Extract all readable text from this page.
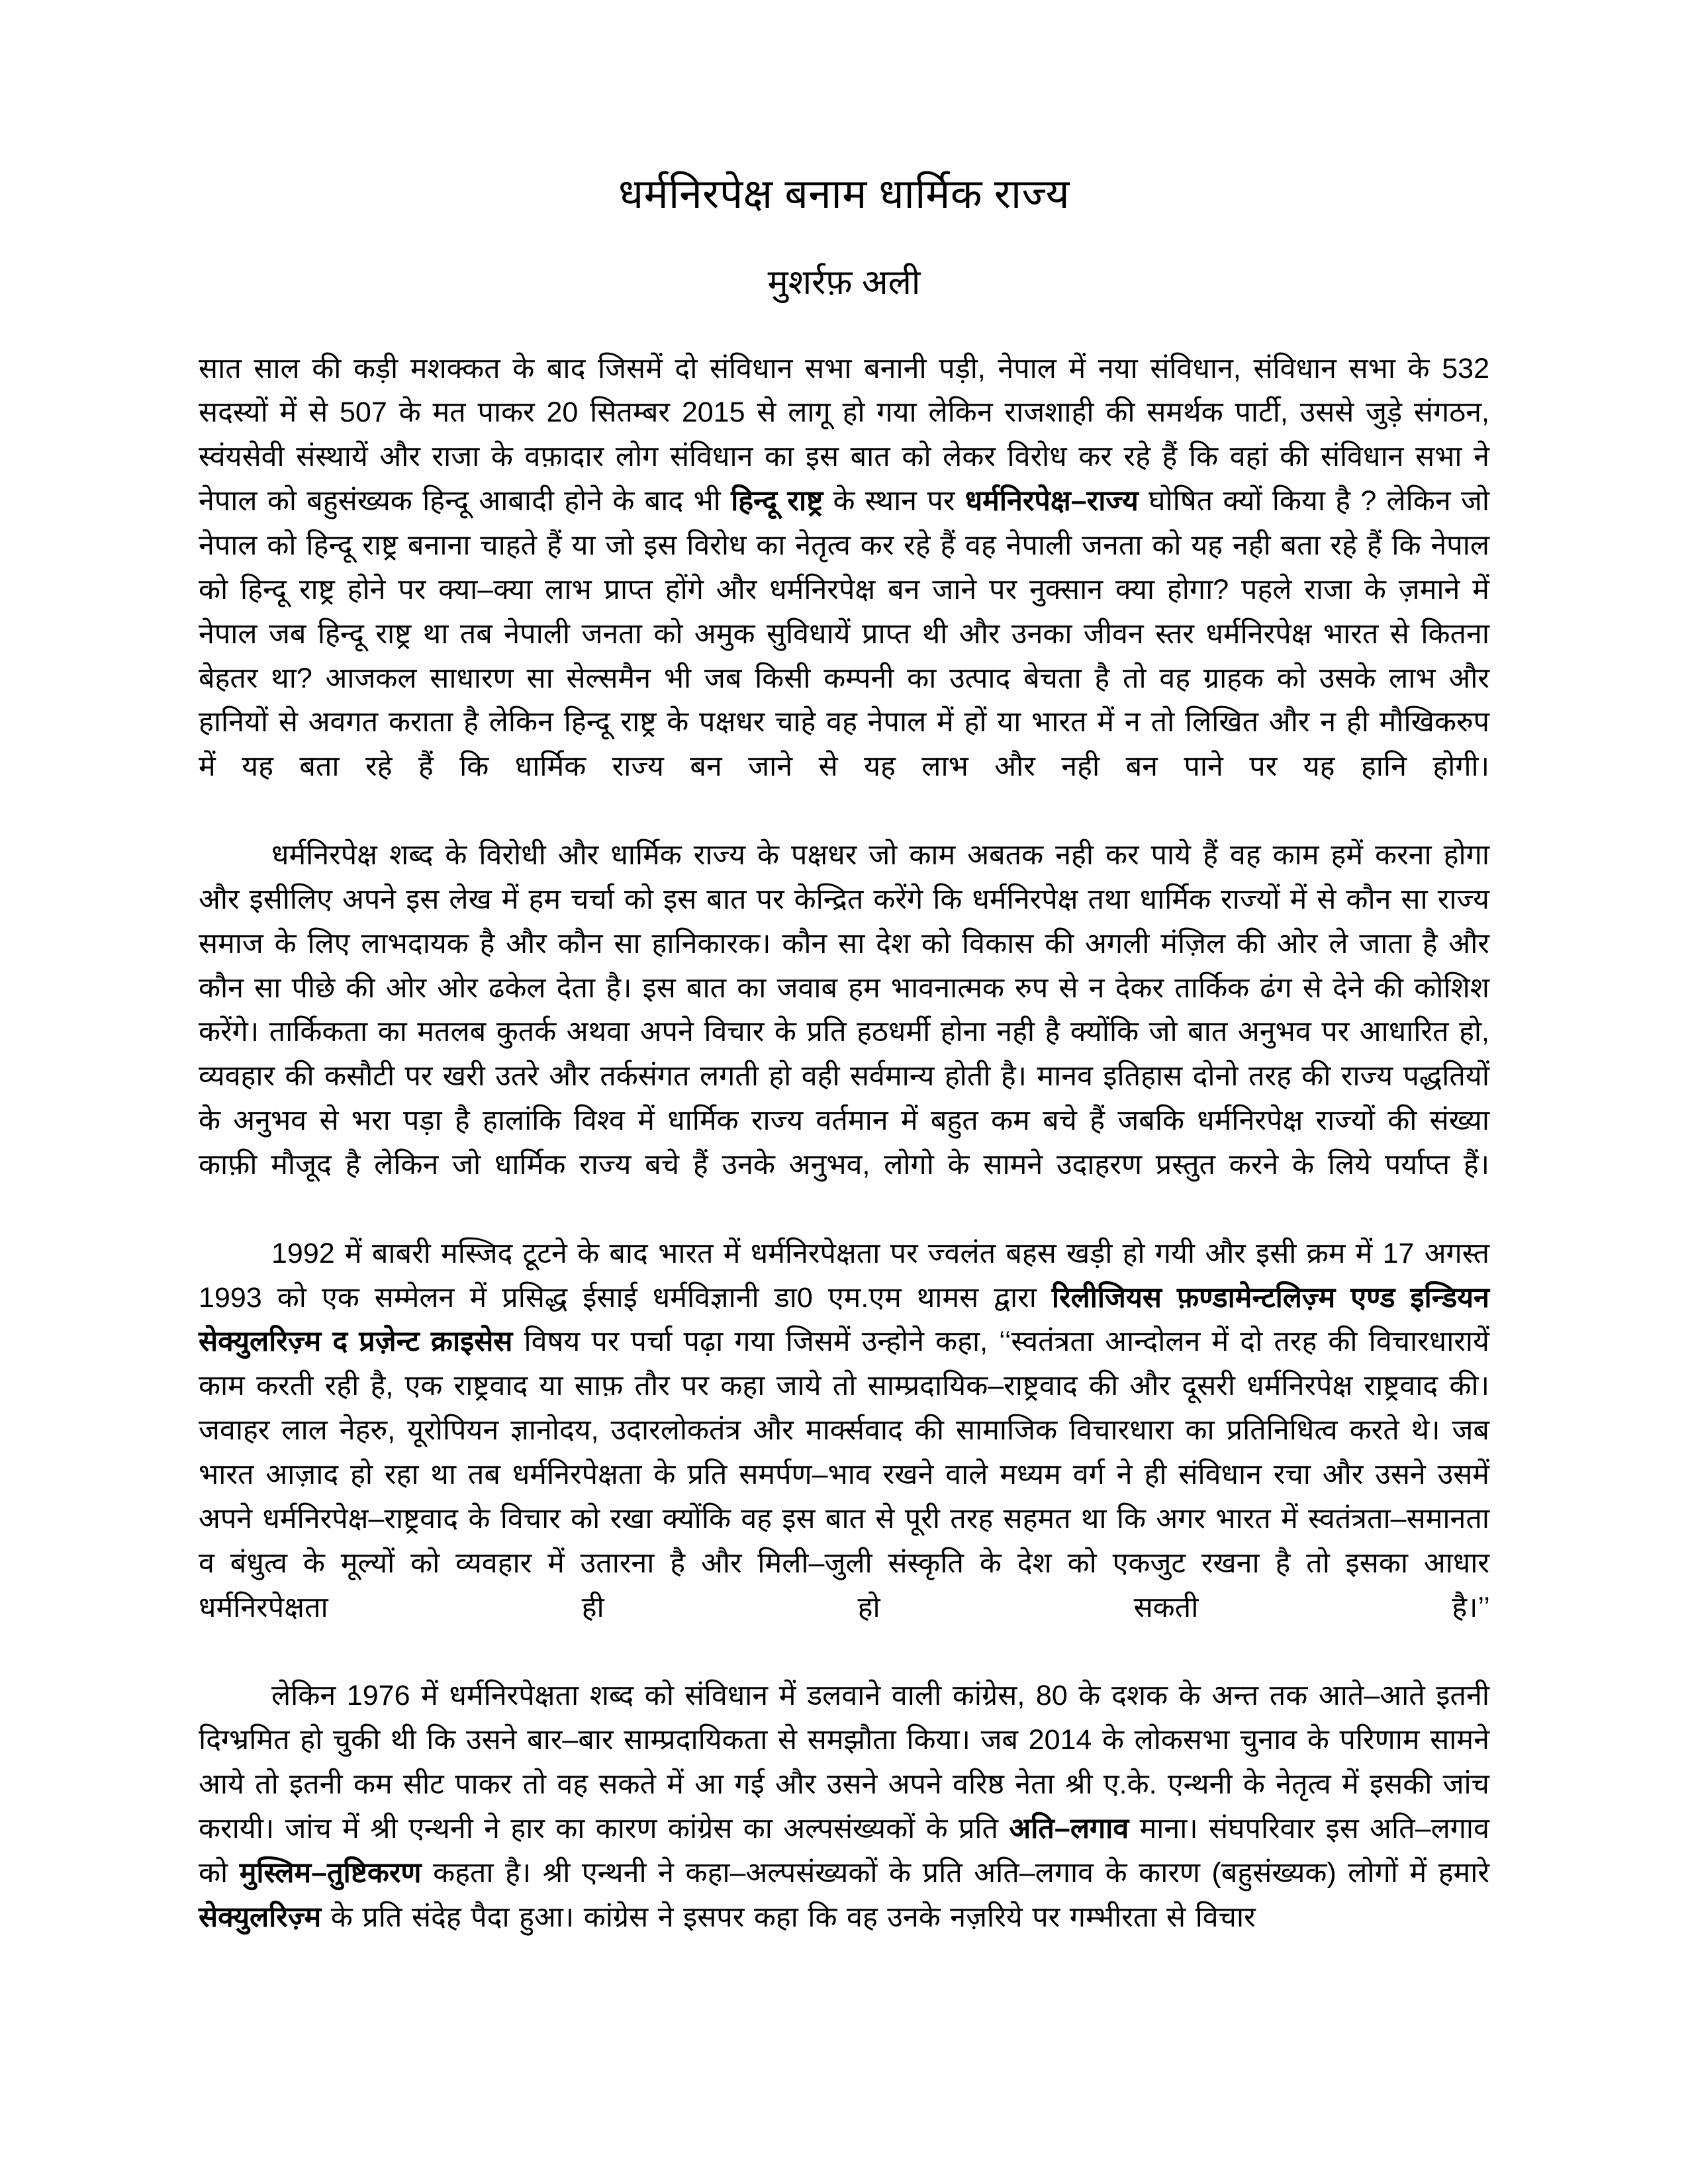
धर्मनिरपेक्ष बनाम धार्मिक राज्य
मुशर्रफ़ अली

सात साल की कड़ी मशक्कत के बाद जिसमें दो संविधान सभा बनानी पड़ी, नेपाल में नया संविधान, संविधान सभा के 532 सदस्यों में से 507 के मत पाकर 20 सितम्बर 2015 से लागू हो गया लेकिन राजशाही की समर्थक पार्टी, उससे जुड़े संगठन, स्वंयसेवी संस्थायें और राजा के वफ़ादार लोग संविधान का इस बात को लेकर विरोध कर रहे हैं कि वहां की संविधान सभा ने नेपाल को बहुसंख्यक हिन्दू आबादी होने के बाद भी हिन्दू राष्ट्र के स्थान पर धर्मनिरपेक्ष–राज्य घोषित क्यों किया है ? लेकिन जो नेपाल को हिन्दू राष्ट्र बनाना चाहते हैं या जो इस विरोध का नेतृत्व कर रहे हैं वह नेपाली जनता को यह नही बता रहे हैं कि नेपाल को हिन्दू राष्ट्र होने पर क्या–क्या लाभ प्राप्त होंगे और धर्मनिरपेक्ष बन जाने पर नुक्सान क्या होगा? पहले राजा के ज़माने में नेपाल जब हिन्दू राष्ट्र था तब नेपाली जनता को अमुक सुविधायें प्राप्त थी और उनका जीवन स्तर धर्मनिरपेक्ष भारत से कितना बेहतर था? आजकल साधारण सा सेल्समैन भी जब किसी कम्पनी का उत्पाद बेचता है तो वह ग्राहक को उसके लाभ और हानियों से अवगत कराता है लेकिन हिन्दू राष्ट्र के पक्षधर चाहे वह नेपाल में हों या भारत में न तो लिखित और न ही मौखिकरुप में यह बता रहे हैं कि धार्मिक राज्य बन जाने से यह लाभ और नही बन पाने पर यह हानि होगी।

धर्मनिरपेक्ष शब्द के विरोधी और धार्मिक राज्य के पक्षधर जो काम अबतक नही कर पाये हैं वह काम हमें करना होगा और इसीलिए अपने इस लेख में हम चर्चा को इस बात पर केन्द्रित करेंगे कि धर्मनिरपेक्ष तथा धार्मिक राज्यों में से कौन सा राज्य समाज के लिए लाभदायक है और कौन सा हानिकारक। कौन सा देश को विकास की अगली मंज़िल की ओर ले जाता है और कौन सा पीछे की ओर ओर ढकेल देता है। इस बात का जवाब हम भावनात्मक रुप से न देकर तार्किक ढंग से देने की कोशिश करेंगे। तार्किकता का मतलब कुतर्क अथवा अपने विचार के प्रति हठधर्मी होना नही है क्योंकि जो बात अनुभव पर आधारित हो, व्यवहार की कसौटी पर खरी उतरे और तर्कसंगत लगती हो वही सर्वमान्य होती है। मानव इतिहास दोनो तरह की राज्य पद्धतियों के अनुभव से भरा पड़ा है हालांकि विश्व में धार्मिक राज्य वर्तमान में बहुत कम बचे हैं जबकि धर्मनिरपेक्ष राज्यों की संख्या काफ़ी मौजूद है लेकिन जो धार्मिक राज्य बचे हैं उनके अनुभव, लोगो के सामने उदाहरण प्रस्तुत करने के लिये पर्याप्त हैं।

1992 में बाबरी मस्जिद टूटने के बाद भारत में धर्मनिरपेक्षता पर ज्वलंत बहस खड़ी हो गयी और इसी क्रम में 17 अगस्त 1993 को एक सम्मेलन में प्रसिद्ध ईसाई धर्मविज्ञानी डा0 एम.एम थामस द्वारा रिलीजियस फ़ण्डामेन्टलिज़्म एण्ड इन्डियन सेक्युलरिज़्म द प्रज़ेन्ट क्राइसेस विषय पर पर्चा पढ़ा गया जिसमें उन्होने कहा, ‘‘स्वतंत्रता आन्दोलन में दो तरह की विचारधारायें काम करती रही है, एक राष्ट्रवाद या साफ़ तौर पर कहा जाये तो साम्प्रदायिक–राष्ट्रवाद की और दूसरी धर्मनिरपेक्ष राष्ट्रवाद की। जवाहर लाल नेहरु, यूरोपियन ज्ञानोदय, उदारलोकतंत्र और मार्क्सवाद की सामाजिक विचारधारा का प्रतिनिधित्व करते थे। जब भारत आज़ाद हो रहा था तब धर्मनिरपेक्षता के प्रति समर्पण–भाव रखने वाले मध्यम वर्ग ने ही संविधान रचा और उसने उसमें अपने धर्मनिरपेक्ष–राष्ट्रवाद के विचार को रखा क्योंकि वह इस बात से पूरी तरह सहमत था कि अगर भारत में स्वतंत्रता–समानता व बंधुत्व के मूल्यों को व्यवहार में उतारना है और मिली–जुली संस्कृति के देश को एकजुट रखना है तो इसका आधार धर्मनिरपेक्षता ही हो सकती है।’’

लेकिन 1976 में धर्मनिरपेक्षता शब्द को संविधान में डलवाने वाली कांग्रेस, 80 के दशक के अन्त तक आते–आते इतनी दिग्भ्रमित हो चुकी थी कि उसने बार–बार साम्प्रदायिकता से समझौता किया। जब 2014 के लोकसभा चुनाव के परिणाम सामने आये तो इतनी कम सीट पाकर तो वह सकते में आ गई और उसने अपने वरिष्ठ नेता श्री ए.के. एन्थनी के नेतृत्व में इसकी जांच करायी। जांच में श्री एन्थनी ने हार का कारण कांग्रेस का अल्पसंख्यकों के प्रति अति–लगाव माना। संघपरिवार इस अति–लगाव को मुस्लिम–तुष्टिकरण कहता है। श्री एन्थनी ने कहा–अल्पसंख्यकों के प्रति अति–लगाव के कारण (बहुसंख्यक) लोगों में हमारे सेक्युलरिज़्म के प्रति संदेह पैदा हुआ। कांग्रेस ने इसपर कहा कि वह उनके नज़रिये पर गम्भीरता से विचार
